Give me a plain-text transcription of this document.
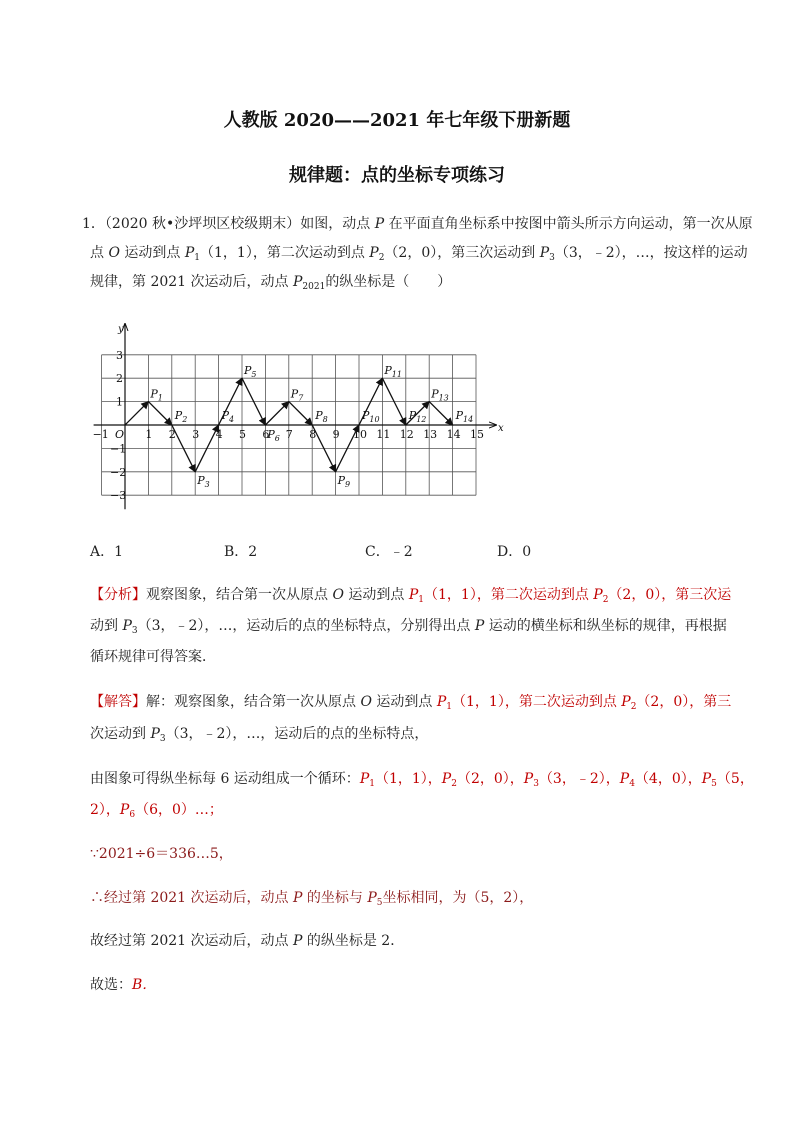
人教版 2020——2021 年七年级下册新题
规律题：点的坐标专项练习
1．（2020 秋•沙坪坝区校级期末）如图，动点 P 在平面直角坐标系中按图中箭头所示方向运动，第一次从原
点 O 运动到点 $P_1(1$，1），第二次运动到点 $P_2(2$，0），第三次运动到 $P_3(3$，﹣2），…，按这样的运动
规律，第 2021 次运动后，动点 $P_{2021}$的纵坐标是（　　）
x
y
O
−1	1 2 3 4 5 6 7 8 9 10 11 12 13 14 15
3
2
1
−1
−2
−3
$P_1$
$P_2$
$P_3$
$P_4$
$P_5$
$P_6$
$P_7$
$P_8$
$P_9$
$P_{10}$
$P_{11}$
$P_{12}$
$P_{13}$
$P_{14}$
A．1	B．2	C．﹣2	D．0
【分析】观察图象，结合第一次从原点 O 运动到点 $P_1(1$，1），第二次运动到点 $P_2(2$，0），第三次运
动到 $P_3(3$，﹣2），…，运动后的点的坐标特点，分别得出点 P 运动的横坐标和纵坐标的规律，再根据
循环规律可得答案．
【解答】解：观察图象，结合第一次从原点 O 运动到点 $P_1(1$，1），第二次运动到点 $P_2(2$，0），第三
次运动到 $P_3(3$，﹣2），…，运动后的点的坐标特点，
由图象可得纵坐标每 6 运动组成一个循环：$P_1(1$，1），$P_2(2$，0），$P_3(3$，﹣2），$P_4(4$，0），$P_5(5$，
2），$P_6(6$，0）…；
∵2021÷6＝336…5，
∴经过第 2021 次运动后，动点 P 的坐标与 $P_5$坐标相同，为（5，2），
故经过第 2021 次运动后，动点 P 的纵坐标是 2．
故选：B．
